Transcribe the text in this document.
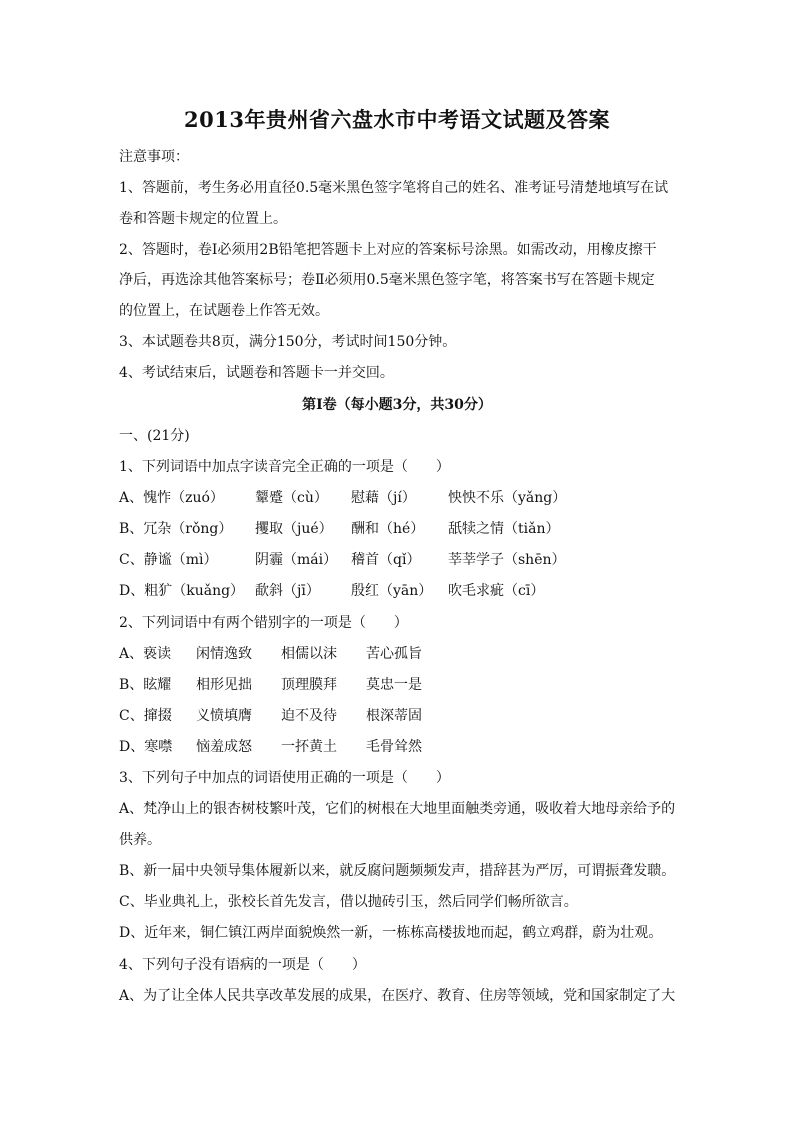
2013年贵州省六盘水市中考语文试题及答案
注意事项：
1、答题前，考生务必用直径0.5毫米黑色签字笔将自己的姓名、准考证号清楚地填写在试
卷和答题卡规定的位置上。
2、答题时，卷Ⅰ必须用2B铅笔把答题卡上对应的答案标号涂黑。如需改动，用橡皮擦干
净后，再选涂其他答案标号；卷Ⅱ必须用0.5毫米黑色签字笔，将答案书写在答题卡规定
的位置上，在试题卷上作答无效。
3、本试题卷共8页，满分150分，考试时间150分钟。
4、考试结束后，试题卷和答题卡一并交回。
第Ⅰ卷（每小题3分，共30分）
一、(21分)
1、下列词语中加点字读音完全正确的一项是（　　）
A、愧怍（zuó） 颦蹙（cù） 慰藉（jí） 怏怏不乐（yǎng）
B、冗杂（rǒng） 攫取（jué） 酬和（hé） 舐犊之情（tiǎn）
C、静谧（mì）	阴霾（mái） 稽首（qǐ） 莘莘学子（shēn）
D、粗犷（kuǎng） 歃斜（jī） 殷红（yān） 吹毛求疵（cī）
2、下列词语中有两个错别字的一项是（　　）
A、亵读 闲情逸致 相儒以沫 苦心孤旨
B、眩耀 相形见拙 顶理膜拜 莫忠一是
C、撺掇 义愤填膺 迫不及待 根深蒂固
D、寒噤 恼羞成怒 一抔黄土 毛骨耸然
3、下列句子中加点的词语使用正确的一项是（　　）
A、梵净山上的银杏树枝繁叶茂，它们的树根在大地里面触类旁通，吸收着大地母亲给予的
供养。
B、新一届中央领导集体履新以来，就反腐问题频频发声，措辞甚为严厉，可谓振聋发聩。
C、毕业典礼上，张校长首先发言，借以抛砖引玉，然后同学们畅所欲言。
D、近年来，铜仁镇江两岸面貌焕然一新，一栋栋高楼拔地而起，鹤立鸡群，蔚为壮观。
4、下列句子没有语病的一项是（　　）
A、为了让全体人民共享改革发展的成果，在医疗、教育、住房等领域，党和国家制定了大
